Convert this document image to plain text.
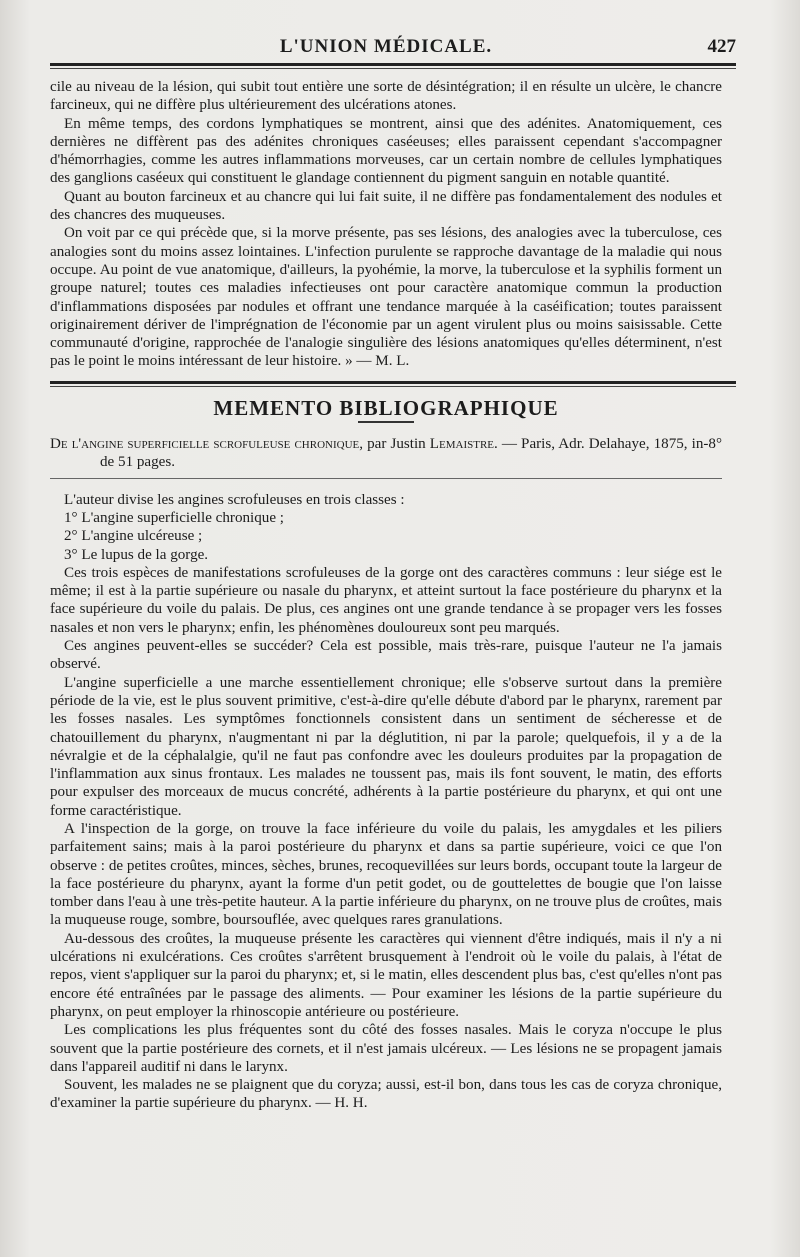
L'UNION MÉDICALE.	427

cile au niveau de la lésion, qui subit tout entière une sorte de désintégration; il en résulte un ulcère, le chancre farcineux, qui ne diffère plus ultérieurement des ulcérations atones.

En même temps, des cordons lymphatiques se montrent, ainsi que des adénites. Anatomiquement, ces dernières ne diffèrent pas des adénites chroniques caséeuses; elles paraissent cependant s'accompagner d'hémorrhagies, comme les autres inflammations morveuses, car un certain nombre de cellules lymphatiques des ganglions caséeux qui constituent le glandage contiennent du pigment sanguin en notable quantité.

Quant au bouton farcineux et au chancre qui lui fait suite, il ne diffère pas fondamentalement des nodules et des chancres des muqueuses.

On voit par ce qui précède que, si la morve présente, pas ses lésions, des analogies avec la tuberculose, ces analogies sont du moins assez lointaines. L'infection purulente se rapproche davantage de la maladie qui nous occupe. Au point de vue anatomique, d'ailleurs, la pyohémie, la morve, la tuberculose et la syphilis forment un groupe naturel; toutes ces maladies infectieuses ont pour caractère anatomique commun la production d'inflammations disposées par nodules et offrant une tendance marquée à la caséification; toutes paraissent originairement dériver de l'imprégnation de l'économie par un agent virulent plus ou moins saisissable. Cette communauté d'origine, rapprochée de l'analogie singulière des lésions anatomiques qu'elles déterminent, n'est pas le point le moins intéressant de leur histoire. » — M. L.

MEMENTO BIBLIOGRAPHIQUE
De l'angine superficielle scrofuleuse chronique, par Justin Lemaistre. — Paris, Adr. Delahaye, 1875, in-8° de 51 pages.

L'auteur divise les angines scrofuleuses en trois classes :

1° L'angine superficielle chronique ;

2° L'angine ulcéreuse ;

3° Le lupus de la gorge.

Ces trois espèces de manifestations scrofuleuses de la gorge ont des caractères communs : leur siége est le même; il est à la partie supérieure ou nasale du pharynx, et atteint surtout la face postérieure du pharynx et la face supérieure du voile du palais. De plus, ces angines ont une grande tendance à se propager vers les fosses nasales et non vers le pharynx; enfin, les phénomènes douloureux sont peu marqués.

Ces angines peuvent-elles se succéder? Cela est possible, mais très-rare, puisque l'auteur ne l'a jamais observé.

L'angine superficielle a une marche essentiellement chronique; elle s'observe surtout dans la première période de la vie, est le plus souvent primitive, c'est-à-dire qu'elle débute d'abord par le pharynx, rarement par les fosses nasales. Les symptômes fonctionnels consistent dans un sentiment de sécheresse et de chatouillement du pharynx, n'augmentant ni par la déglutition, ni par la parole; quelquefois, il y a de la névralgie et de la céphalalgie, qu'il ne faut pas confondre avec les douleurs produites par la propagation de l'inflammation aux sinus frontaux. Les malades ne toussent pas, mais ils font souvent, le matin, des efforts pour expulser des morceaux de mucus concrété, adhérents à la partie postérieure du pharynx, et qui ont une forme caractéristique.

A l'inspection de la gorge, on trouve la face inférieure du voile du palais, les amygdales et les piliers parfaitement sains; mais à la paroi postérieure du pharynx et dans sa partie supérieure, voici ce que l'on observe : de petites croûtes, minces, sèches, brunes, recoquevillées sur leurs bords, occupant toute la largeur de la face postérieure du pharynx, ayant la forme d'un petit godet, ou de gouttelettes de bougie que l'on laisse tomber dans l'eau à une très-petite hauteur. A la partie inférieure du pharynx, on ne trouve plus de croûtes, mais la muqueuse rouge, sombre, boursouflée, avec quelques rares granulations.

Au-dessous des croûtes, la muqueuse présente les caractères qui viennent d'être indiqués, mais il n'y a ni ulcérations ni exulcérations. Ces croûtes s'arrêtent brusquement à l'endroit où le voile du palais, à l'état de repos, vient s'appliquer sur la paroi du pharynx; et, si le matin, elles descendent plus bas, c'est qu'elles n'ont pas encore été entraînées par le passage des aliments. — Pour examiner les lésions de la partie supérieure du pharynx, on peut employer la rhinoscopie antérieure ou postérieure.

Les complications les plus fréquentes sont du côté des fosses nasales. Mais le coryza n'occupe le plus souvent que la partie postérieure des cornets, et il n'est jamais ulcéreux. — Les lésions ne se propagent jamais dans l'appareil auditif ni dans le larynx.

Souvent, les malades ne se plaignent que du coryza; aussi, est-il bon, dans tous les cas de coryza chronique, d'examiner la partie supérieure du pharynx. — H. H.
